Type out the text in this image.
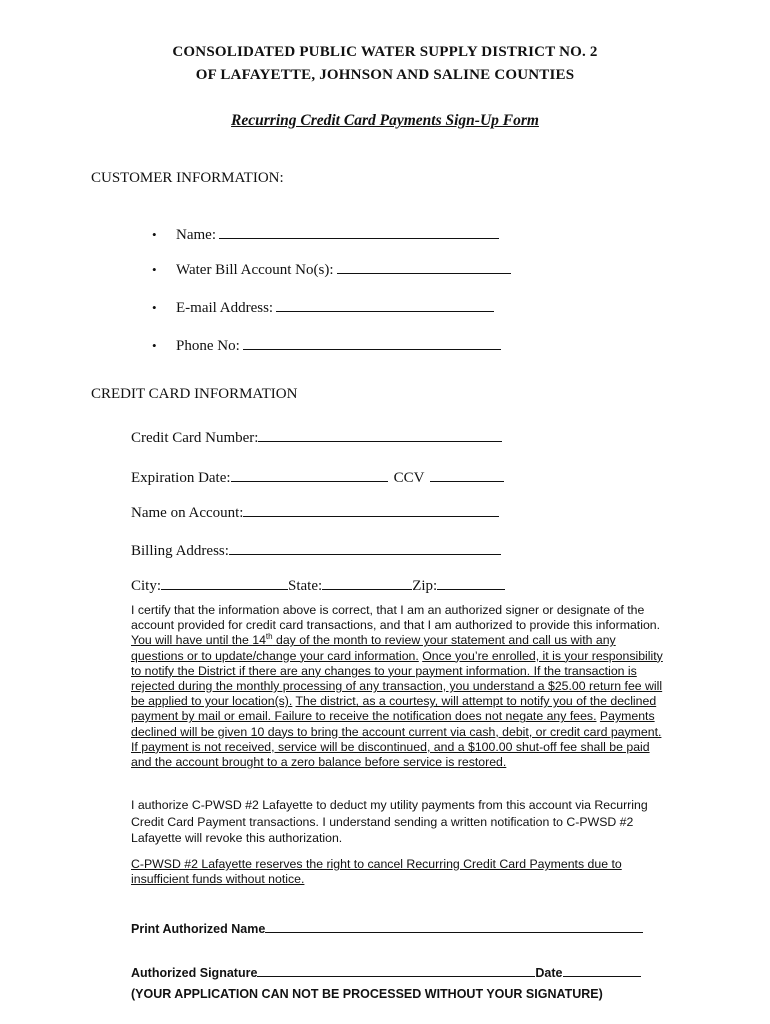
CONSOLIDATED PUBLIC WATER SUPPLY DISTRICT NO. 2
OF LAFAYETTE, JOHNSON AND SALINE COUNTIES
Recurring Credit Card Payments Sign-Up Form
CUSTOMER INFORMATION:
•	Name:
•	Water Bill Account No(s):
•	E-mail Address:
•	Phone No:
CREDIT CARD INFORMATION
Credit Card Number:
Expiration Date:	CCV
Name on Account:
Billing Address:
City:	State:	Zip:
I certify that the information above is correct, that I am an authorized signer or designate of the account provided for credit card transactions, and that I am authorized to provide this information. You will have until the 14th day of the month to review your statement and call us with any questions or to update/change your card information. Once you’re enrolled, it is your responsibility to notify the District if there are any changes to your payment information. If the transaction is rejected during the monthly processing of any transaction, you understand a $25.00 return fee will be applied to your location(s). The district, as a courtesy, will attempt to notify you of the declined payment by mail or email. Failure to receive the notification does not negate any fees. Payments declined will be given 10 days to bring the account current via cash, debit, or credit card payment. If payment is not received, service will be discontinued, and a $100.00 shut-off fee shall be paid and the account brought to a zero balance before service is restored.
I authorize C-PWSD #2 Lafayette to deduct my utility payments from this account via Recurring Credit Card Payment transactions. I understand sending a written notification to C-PWSD #2 Lafayette will revoke this authorization.
C-PWSD #2 Lafayette reserves the right to cancel Recurring Credit Card Payments due to insufficient funds without notice.
Print Authorized Name
Authorized Signature	Date
(YOUR APPLICATION CAN NOT BE PROCESSED WITHOUT YOUR SIGNATURE)
